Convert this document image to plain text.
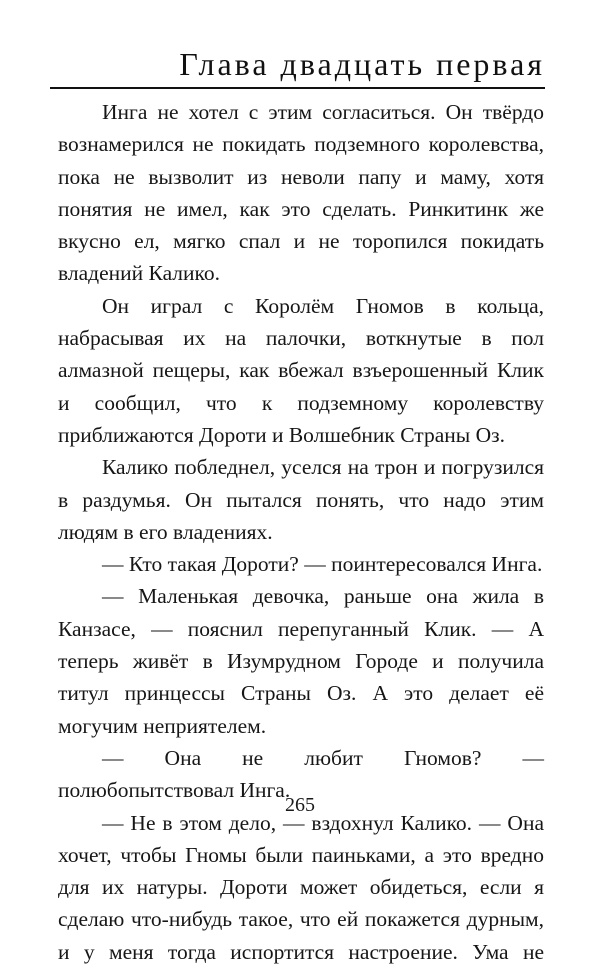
Глава двадцать первая
Инга не хотел с этим согласиться. Он твёрдо
вознамерился не покидать подземного королевства,
пока не вызволит из неволи папу и маму, хотя
понятия не имел, как это сделать. Ринкитинк же
вкусно ел, мягко спал и не торопился покидать
владений Калико.
Он играл с Королём Гномов в кольца,
набрасывая их на палочки, воткнутые в пол
алмазной пещеры, как вбежал взъерошенный Клик
и сообщил, что к подземному королевству
приближаются Дороти и Волшебник Страны Оз.
Калико побледнел, уселся на трон и погрузился
в раздумья. Он пытался понять, что надо этим
людям в его владениях.
— Кто такая Дороти? — поинтересовался Инга.
— Маленькая девочка, раньше она жила в
Канзасе, — пояснил перепуганный Клик. — А
теперь живёт в Изумрудном Городе и получила
титул принцессы Страны Оз. А это делает её
могучим неприятелем.
— Она не любит Гномов? —
полюбопытствовал Инга.
— Не в этом дело, — вздохнул Калико. — Она
хочет, чтобы Гномы были паиньками, а это вредно
для их натуры. Дороти может обидеться, если я
сделаю что-нибудь такое, что ей покажется дурным,
и у меня тогда испортится настроение. Ума не
265
